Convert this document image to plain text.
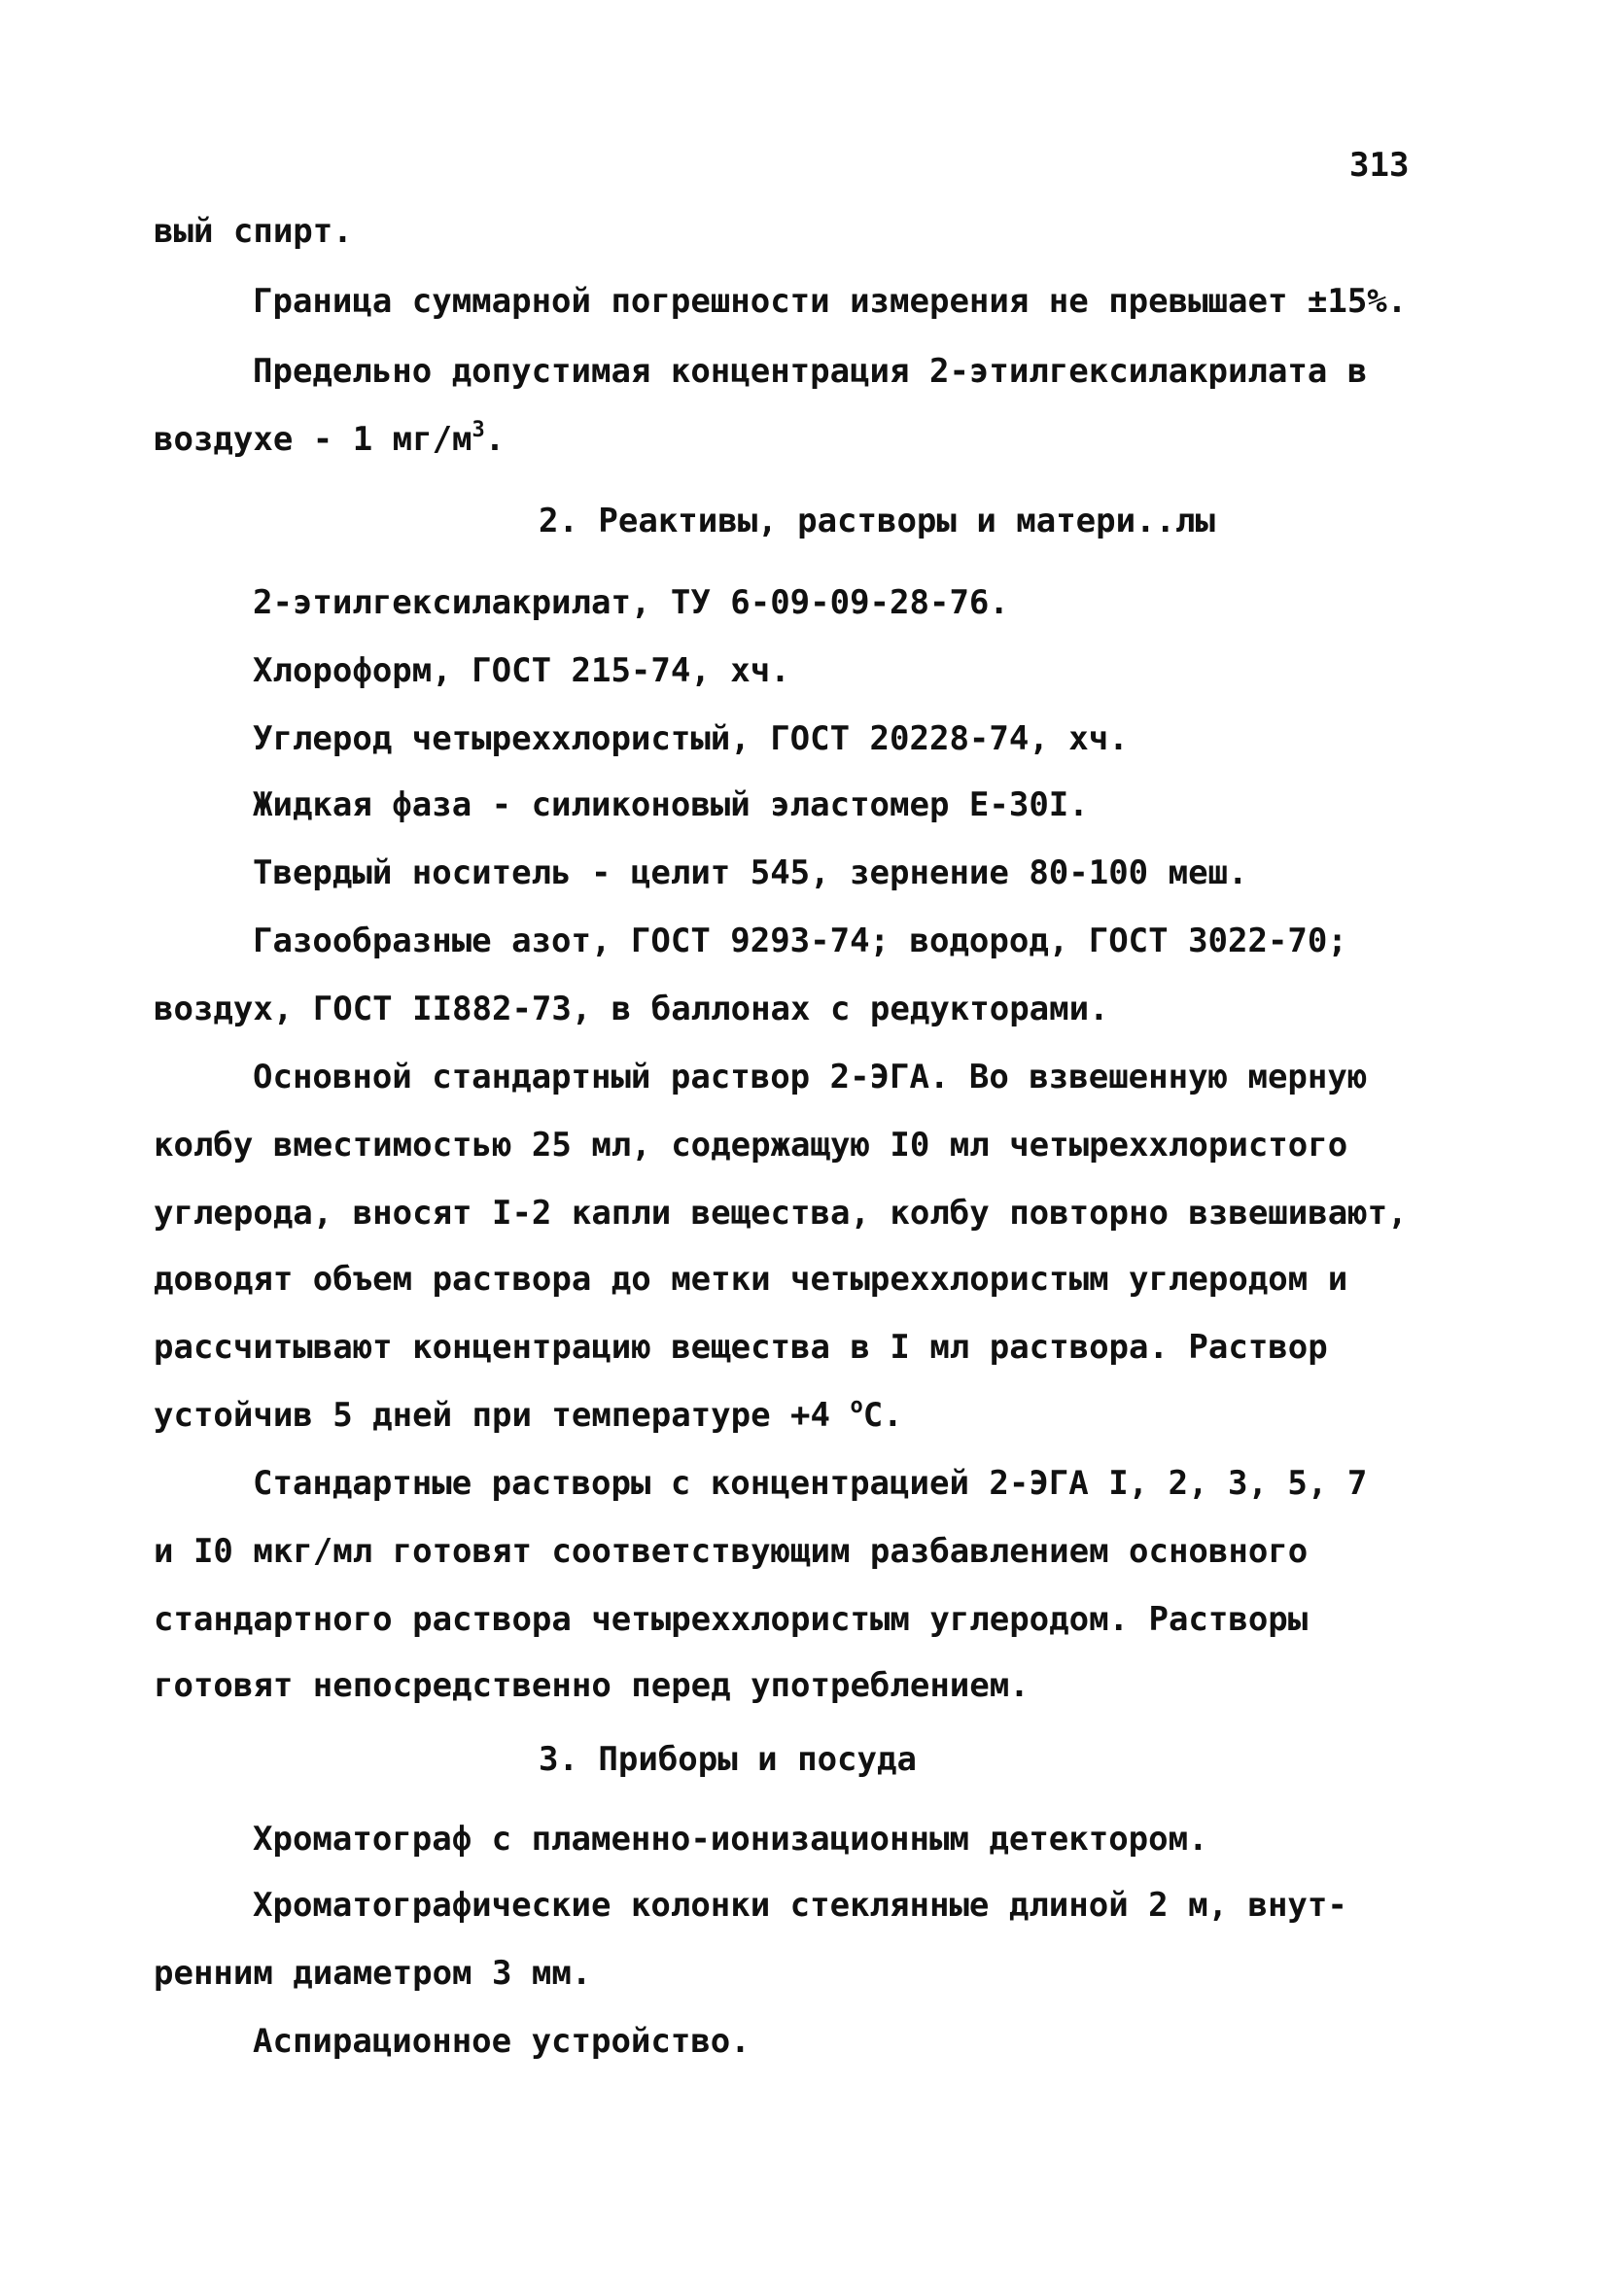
313
вый спирт.
Граница суммарной погрешности измерения не превышает ±15%.
Предельно допустимая концентрация 2-этилгексилакрилата в
воздухе - 1 $мг/м^3$.
2. Реактивы, растворы и матери..лы
2-этилгексилакрилат, ТУ 6-09-09-28-76.
Хлороформ, ГОСТ 215-74, хч.
Углерод четыреххлористый, ГОСТ 20228-74, хч.
Жидкая фаза - силиконовый эластомер Е-30I.
Твердый носитель - целит 545, зернение 80-100 меш.
Газообразные азот, ГОСТ 9293-74; водород, ГОСТ 3022-70;
воздух, ГОСТ II882-73, в баллонах с редукторами.
Основной стандартный раствор 2-ЭГА. Во взвешенную мерную
колбу вместимостью 25 мл, содержащую I0 мл четыреххлористого
углерода, вносят I-2 капли вещества, колбу повторно взвешивают,
доводят объем раствора до метки четыреххлористым углеродом и
рассчитывают концентрацию вещества в I мл раствора. Раствор
устойчив 5 дней при температуре +4 $^о$С.
Стандартные растворы с концентрацией 2-ЭГА I, 2, 3, 5, 7
и I0 мкг/мл готовят соответствующим разбавлением основного
стандартного раствора четыреххлористым углеродом. Растворы
готовят непосредственно перед употреблением.
3. Приборы и посуда
Хроматограф с пламенно-ионизационным детектором.
Хроматографические колонки стеклянные длиной 2 м, внут-
ренним диаметром 3 мм.
Аспирационное устройство.
